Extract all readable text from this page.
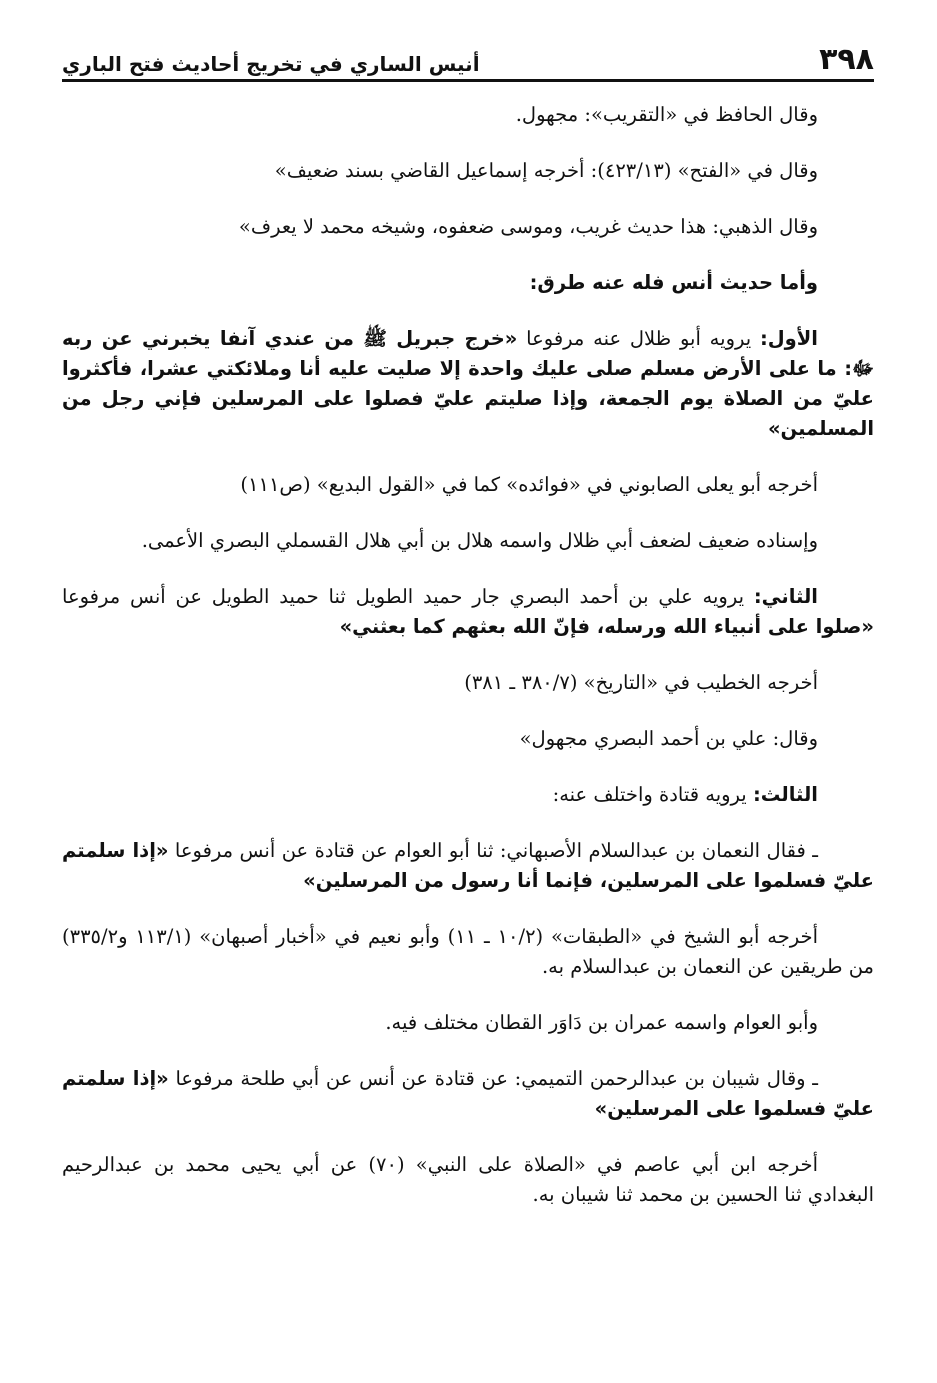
٣٩٨
أنيس الساري في تخريج أحاديث فتح الباري

وقال الحافظ في «التقريب»: مجهول.

وقال في «الفتح» (٤٢٣/١٣): أخرجه إسماعيل القاضي بسند ضعيف»

وقال الذهبي: هذا حديث غريب، وموسى ضعفوه، وشيخه محمد لا يعرف»

وأما حديث أنس فله عنه طرق:

الأول: يرويه أبو ظلال عنه مرفوعا «خرج جبريل ﷺ من عندي آنفا يخبرني عن ربه ﷻ: ما على الأرض مسلم صلى عليك واحدة إلا صليت عليه أنا وملائكتي عشرا، فأكثروا عليّ من الصلاة يوم الجمعة، وإذا صليتم عليّ فصلوا على المرسلين فإني رجل من المسلمين»

أخرجه أبو يعلى الصابوني في «فوائده» كما في «القول البديع» (ص١١١)

وإسناده ضعيف لضعف أبي ظلال واسمه هلال بن أبي هلال القسملي البصري الأعمى.

الثاني: يرويه علي بن أحمد البصري جار حميد الطويل ثنا حميد الطويل عن أنس مرفوعا «صلوا على أنبياء الله ورسله، فإنّ الله بعثهم كما بعثني»

أخرجه الخطيب في «التاريخ» (٣٨٠/٧ ـ ٣٨١)

وقال: علي بن أحمد البصري مجهول»

الثالث: يرويه قتادة واختلف عنه:

ـ فقال النعمان بن عبدالسلام الأصبهاني: ثنا أبو العوام عن قتادة عن أنس مرفوعا «إذا سلمتم عليّ فسلموا على المرسلين، فإنما أنا رسول من المرسلين»

أخرجه أبو الشيخ في «الطبقات» (١٠/٢ ـ ١١) وأبو نعيم في «أخبار أصبهان» (١١٣/١ و٣٣٥/٢) من طريقين عن النعمان بن عبدالسلام به.

وأبو العوام واسمه عمران بن دَاوَر القطان مختلف فيه.

ـ وقال شيبان بن عبدالرحمن التميمي: عن قتادة عن أنس عن أبي طلحة مرفوعا «إذا سلمتم عليّ فسلموا على المرسلين»

أخرجه ابن أبي عاصم في «الصلاة على النبي» (٧٠) عن أبي يحيى محمد بن عبدالرحيم البغدادي ثنا الحسين بن محمد ثنا شيبان به.
